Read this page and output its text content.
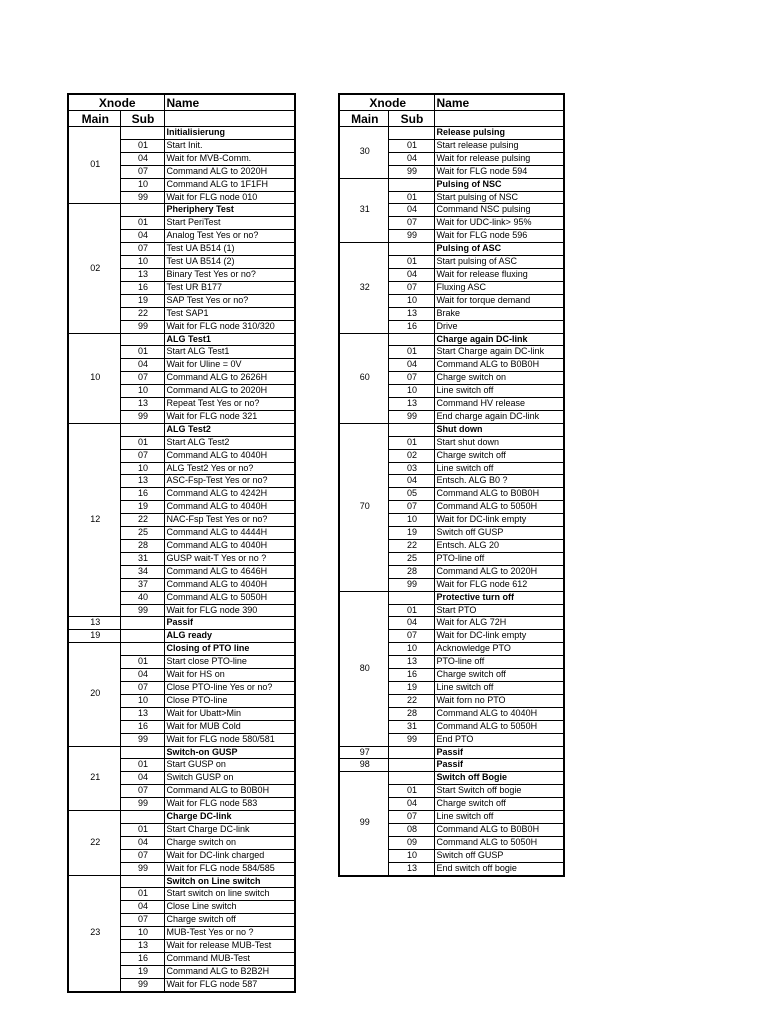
Xnode		Name
Main	Sub	
01		Initialisierung
	01	Start Init.
	04	Wait for MVB-Comm.
	07	Command ALG to 2020H
	10	Command ALG to 1F1FH
	99	Wait for FLG node 010
02		Pheriphery Test
	01	Start PeriTest
	04	Analog Test Yes or no?
	07	Test UA B514 (1)
	10	Test UA B514 (2)
	13	Binary Test Yes or no?
	16	Test UR B177
	19	SAP Test Yes or no?
	22	Test SAP1
	99	Wait for FLG node 310/320
10		ALG Test1
	01	Start ALG Test1
	04	Wait for Uline = 0V
	07	Command ALG to 2626H
	10	Command ALG to 2020H
	13	Repeat Test Yes or no?
	99	Wait for FLG node 321
12		ALG Test2
	01	Start ALG Test2
	07	Command ALG to 4040H
	10	ALG Test2 Yes or no?
	13	ASC-Fsp-Test Yes or no?
	16	Command ALG to 4242H
	19	Command ALG to 4040H
	22	NAC-Fsp Test Yes or no?
	25	Command ALG to 4444H
	28	Command ALG to 4040H
	31	GUSP wait-T Yes or no ?
	34	Command ALG to 4646H
	37	Command ALG to 4040H
	40	Command ALG to 5050H
	99	Wait for FLG node 390
13		Passif
19		ALG ready
20		Closing of PTO line
	01	Start close PTO-line
	04	Wait for HS on
	07	Close PTO-line Yes or no?
	10	Close PTO-line
	13	Wait for Ubatt>Min
	16	Wait for MUB Cold
	99	Wait for FLG node 580/581
21		Switch-on GUSP
	01	Start GUSP on
	04	Switch GUSP on
	07	Command ALG to B0B0H
	99	Wait for FLG node 583
22		Charge DC-link
	01	Start Charge DC-link
	04	Charge switch on
	07	Wait for DC-link charged
	99	Wait for FLG node 584/585
23		Switch on Line switch
	01	Start switch on line switch
	04	Close Line switch
	07	Charge switch off
	10	MUB-Test Yes or no ?
	13	Wait for release MUB-Test
	16	Command MUB-Test
	19	Command ALG to B2B2H
	99	Wait for FLG node 587
Xnode		Name
Main	Sub	
30		Release pulsing
	01	Start release pulsing
	04	Wait for release pulsing
	99	Wait for FLG node 594
31		Pulsing of NSC
	01	Start pulsing of NSC
	04	Command NSC pulsing
	07	Wait for UDC-link> 95%
	99	Wait for FLG node 596
32		Pulsing of ASC
	01	Start pulsing of ASC
	04	Wait for release fluxing
	07	Fluxing ASC
	10	Wait for torque demand
	13	Brake
	16	Drive
60		Charge again DC-link
	01	Start Charge again DC-link
	04	Command ALG to B0B0H
	07	Charge switch on
	10	Line switch off
	13	Command HV release
	99	End charge again DC-link
70		Shut down
	01	Start shut down
	02	Charge switch off
	03	Line switch off
	04	Entsch. ALG B0 ?
	05	Command ALG to B0B0H
	07	Command ALG to 5050H
	10	Wait for DC-link empty
	19	Switch off GUSP
	22	Entsch. ALG 20
	25	PTO-line off
	28	Command ALG to 2020H
	99	Wait for FLG node 612
80		Protective turn off
	01	Start PTO
	04	Wait for ALG 72H
	07	Wait for DC-link empty
	10	Acknowledge PTO
	13	PTO-line off
	16	Charge switch off
	19	Line switch off
	22	Wait forn no PTO
	28	Command ALG to 4040H
	31	Command ALG to 5050H
	99	End PTO
97		Passif
98		Passif
99		Switch off Bogie
	01	Start Switch off bogie
	04	Charge switch off
	07	Line switch off
	08	Command ALG to B0B0H
	09	Command ALG to 5050H
	10	Switch off GUSP
	13	End switch off bogie
